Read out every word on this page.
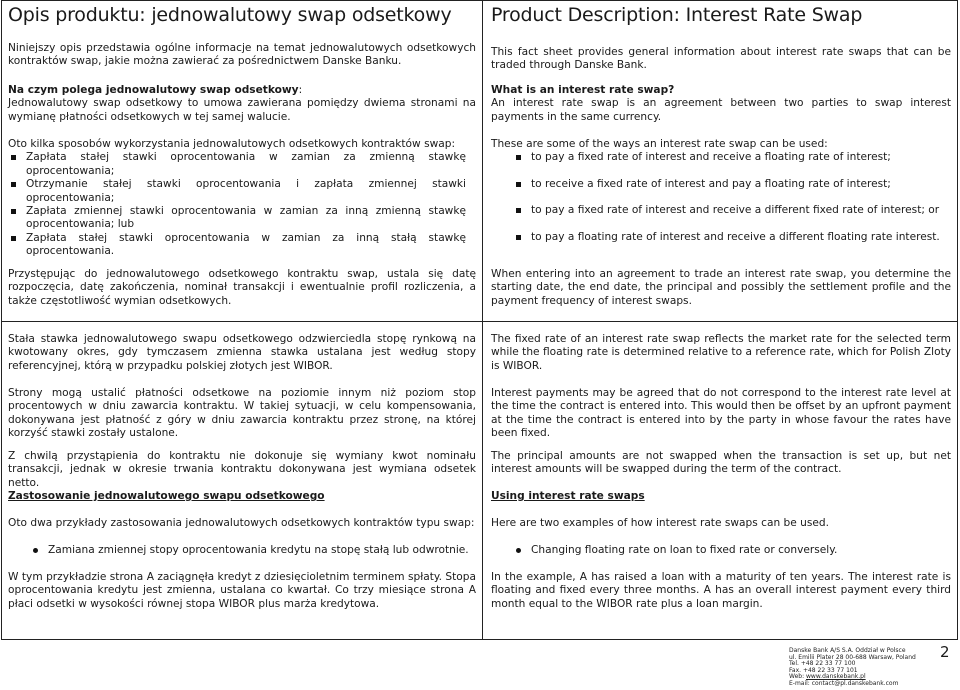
Opis produktu: jednowalutowy swap odsetkowy

Niniejszy opis przedstawia ogólne informacje na temat jednowalutowych odsetkowych kontraktów swap, jakie można zawierać za pośrednictwem Danske Banku.

Na czym polega jednowalutowy swap odsetkowy:

Jednowalutowy swap odsetkowy to umowa zawierana pomiędzy dwiema stronami na wymianę płatności odsetkowych w tej samej walucie.

Oto kilka sposobów wykorzystania jednowalutowych odsetkowych kontraktów swap:

Zapłata stałej stawki oprocentowania w zamian za zmienną stawkę oprocentowania;
Otrzymanie stałej stawki oprocentowania i zapłata zmiennej stawki oprocentowania;
Zapłata zmiennej stawki oprocentowania w zamian za inną zmienną stawkę oprocentowania; lub
Zapłata stałej stawki oprocentowania w zamian za inną stałą stawkę oprocentowania.

Przystępując do jednowalutowego odsetkowego kontraktu swap, ustala się datę rozpoczęcia, datę zakończenia, nominał transakcji i ewentualnie profil rozliczenia, a także częstotliwość wymian odsetkowych.

Product Description: Interest Rate Swap

This fact sheet provides general information about interest rate swaps that can be traded through Danske Bank.

What is an interest rate swap?

An interest rate swap is an agreement between two parties to swap interest payments in the same currency.

These are some of the ways an interest rate swap can be used:

to pay a fixed rate of interest and receive a floating rate of interest;
to receive a fixed rate of interest and pay a floating rate of interest;
to pay a fixed rate of interest and receive a different fixed rate of interest; or
to pay a floating rate of interest and receive a different floating rate interest.

When entering into an agreement to trade an interest rate swap, you determine the starting date, the end date, the principal and possibly the settlement profile and the payment frequency of interest swaps.

Stała stawka jednowalutowego swapu odsetkowego odzwierciedla stopę rynkową na kwotowany okres, gdy tymczasem zmienna stawka ustalana jest według stopy referencyjnej, którą w przypadku polskiej złotych jest WIBOR.

Strony mogą ustalić płatności odsetkowe na poziomie innym niż poziom stop procentowych w dniu zawarcia kontraktu. W takiej sytuacji, w celu kompensowania, dokonywana jest płatność z góry w dniu zawarcia kontraktu przez stronę, na której korzyść stawki zostały ustalone.

Z chwilą przystąpienia do kontraktu nie dokonuje się wymiany kwot nominału transakcji, jednak w okresie trwania kontraktu dokonywana jest wymiana odsetek netto.

Zastosowanie jednowalutowego swapu odsetkowego

Oto dwa przykłady zastosowania jednowalutowych odsetkowych kontraktów typu swap:

Zamiana zmiennej stopy oprocentowania kredytu na stopę stałą lub odwrotnie.

W tym przykładzie strona A zaciągnęła kredyt z dziesięcioletnim terminem spłaty. Stopa oprocentowania kredytu jest zmienna, ustalana co kwartał. Co trzy miesiące strona A płaci odsetki w wysokości równej stopa WIBOR plus marża kredytowa.

The fixed rate of an interest rate swap reflects the market rate for the selected term while the floating rate is determined relative to a reference rate, which for Polish Zloty is WIBOR.

Interest payments may be agreed that do not correspond to the interest rate level at the time the contract is entered into. This would then be offset by an upfront payment at the time the contract is entered into by the party in whose favour the rates have been fixed.

The principal amounts are not swapped when the transaction is set up, but net interest amounts will be swapped during the term of the contract.

Using interest rate swaps

Here are two examples of how interest rate swaps can be used.

Changing floating rate on loan to fixed rate or conversely.

In the example, A has raised a loan with a maturity of ten years. The interest rate is floating and fixed every three months. A has an overall interest payment every third month equal to the WIBOR rate plus a loan margin.

Danske Bank A/S S.A. Oddział w Polsce
ul. Emilii Plater 28 00-688 Warsaw, Poland
Tel. +48 22 33 77 100
Fax. +48 22 33 77 101
Web: www.danskebank.pl
E-mail: contact@pl.danskebank.com
2
